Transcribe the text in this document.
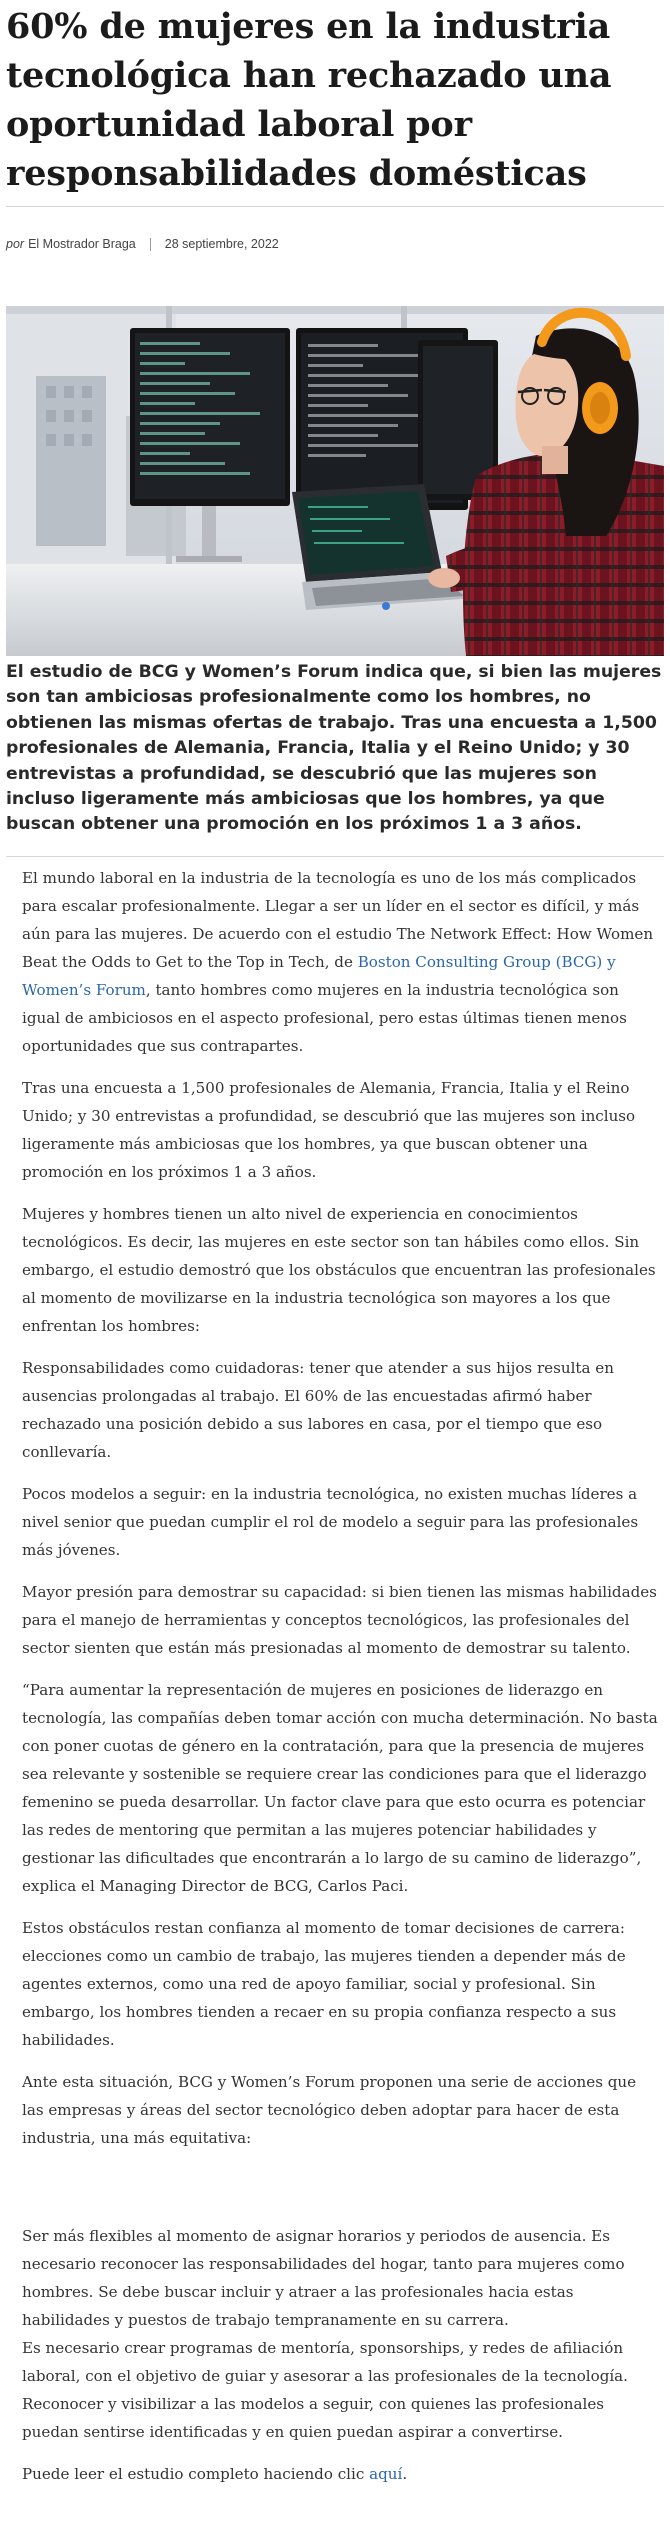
60% de mujeres en la industria tecnológica han rechazado una oportunidad laboral por responsabilidades domésticas
por El Mostrador Braga 28 septiembre, 2022

El estudio de BCG y Women’s Forum indica que, si bien las mujeres son tan ambiciosas profesionalmente como los hombres, no obtienen las mismas ofertas de trabajo. Tras una encuesta a 1,500 profesionales de Alemania, Francia, Italia y el Reino Unido; y 30 entrevistas a profundidad, se descubrió que las mujeres son incluso ligeramente más ambiciosas que los hombres, ya que buscan obtener una promoción en los próximos 1 a 3 años.

El mundo laboral en la industria de la tecnología es uno de los más complicados para escalar profesionalmente. Llegar a ser un líder en el sector es difícil, y más aún para las mujeres. De acuerdo con el estudio The Network Effect: How Women Beat the Odds to Get to the Top in Tech, de Boston Consulting Group (BCG) y Women’s Forum, tanto hombres como mujeres en la industria tecnológica son igual de ambiciosos en el aspecto profesional, pero estas últimas tienen menos oportunidades que sus contrapartes.

Tras una encuesta a 1,500 profesionales de Alemania, Francia, Italia y el Reino Unido; y 30 entrevistas a profundidad, se descubrió que las mujeres son incluso ligeramente más ambiciosas que los hombres, ya que buscan obtener una promoción en los próximos 1 a 3 años.

Mujeres y hombres tienen un alto nivel de experiencia en conocimientos tecnológicos. Es decir, las mujeres en este sector son tan hábiles como ellos. Sin embargo, el estudio demostró que los obstáculos que encuentran las profesionales al momento de movilizarse en la industria tecnológica son mayores a los que enfrentan los hombres:

Responsabilidades como cuidadoras: tener que atender a sus hijos resulta en ausencias prolongadas al trabajo. El 60% de las encuestadas afirmó haber rechazado una posición debido a sus labores en casa, por el tiempo que eso conllevaría.

Pocos modelos a seguir: en la industria tecnológica, no existen muchas líderes a nivel senior que puedan cumplir el rol de modelo a seguir para las profesionales más jóvenes.

Mayor presión para demostrar su capacidad: si bien tienen las mismas habilidades para el manejo de herramientas y conceptos tecnológicos, las profesionales del sector sienten que están más presionadas al momento de demostrar su talento.

“Para aumentar la representación de mujeres en posiciones de liderazgo en tecnología, las compañías deben tomar acción con mucha determinación. No basta con poner cuotas de género en la contratación, para que la presencia de mujeres sea relevante y sostenible se requiere crear las condiciones para que el liderazgo femenino se pueda desarrollar. Un factor clave para que esto ocurra es potenciar las redes de mentoring que permitan a las mujeres potenciar habilidades y gestionar las dificultades que encontrarán a lo largo de su camino de liderazgo”, explica el Managing Director de BCG, Carlos Paci.

Estos obstáculos restan confianza al momento de tomar decisiones de carrera: elecciones como un cambio de trabajo, las mujeres tienden a depender más de agentes externos, como una red de apoyo familiar, social y profesional. Sin embargo, los hombres tienden a recaer en su propia confianza respecto a sus habilidades.

Ante esta situación, BCG y Women’s Forum proponen una serie de acciones que las empresas y áreas del sector tecnológico deben adoptar para hacer de esta industria, una más equitativa:

Ser más flexibles al momento de asignar horarios y periodos de ausencia. Es necesario reconocer las responsabilidades del hogar, tanto para mujeres como hombres. Se debe buscar incluir y atraer a las profesionales hacia estas habilidades y puestos de trabajo tempranamente en su carrera.

Es necesario crear programas de mentoría, sponsorships, y redes de afiliación laboral, con el objetivo de guiar y asesorar a las profesionales de la tecnología. Reconocer y visibilizar a las modelos a seguir, con quienes las profesionales puedan sentirse identificadas y en quien puedan aspirar a convertirse.

Puede leer el estudio completo haciendo clic aquí.
